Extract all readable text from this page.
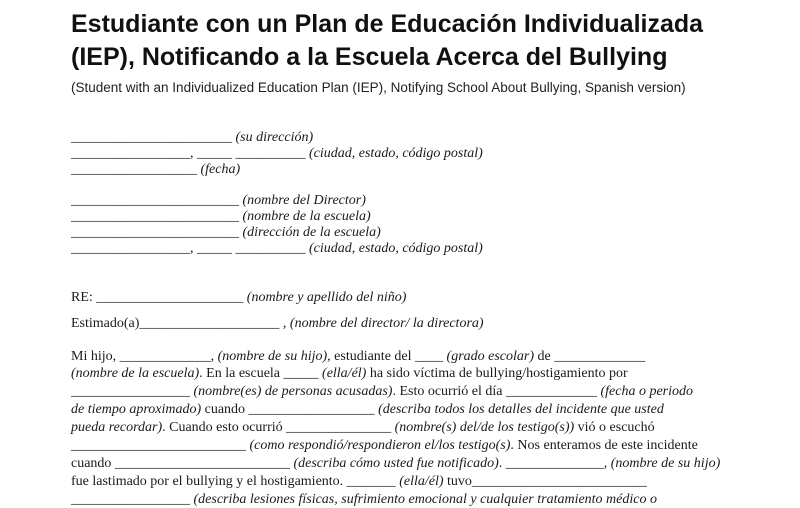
Estudiante con un Plan de Educación Individualizada
(IEP), Notificando a la Escuela Acerca del Bullying

(Student with an Individualized Education Plan (IEP), Notifying School About Bullying, Spanish version)

_______________________ (su dirección)
_________________, _____ __________ (ciudad, estado, código postal)
__________________ (fecha)
________________________ (nombre del Director)
________________________ (nombre de la escuela)
________________________ (dirección de la escuela)
_________________, _____ __________ (ciudad, estado, código postal)
RE: _____________________ (nombre y apellido del niño)
Estimado(a)____________________ , (nombre del director/ la directora)
Mi hijo, _____________, (nombre de su hijo), estudiante del ____ (grado escolar) de _____________
(nombre de la escuela). En la escuela _____ (ella/él) ha sido víctima de bullying/hostigamiento por
_________________ (nombre(es) de personas acusadas). Esto ocurrió el día _____________ (fecha o periodo
de tiempo aproximado) cuando __________________ (describa todos los detalles del incidente que usted
pueda recordar). Cuando esto ocurrió _______________ (nombre(s) del/de los testigo(s)) vió o escuchó
_________________________ (como respondió/respondieron el/los testigo(s). Nos enteramos de este incidente
cuando _________________________ (describa cómo usted fue notificado). ______________, (nombre de su hijo)
fue lastimado por el bullying y el hostigamiento. _______ (ella/él) tuvo_________________________
_________________ (describa lesiones físicas, sufrimiento emocional y cualquier tratamiento médico o
